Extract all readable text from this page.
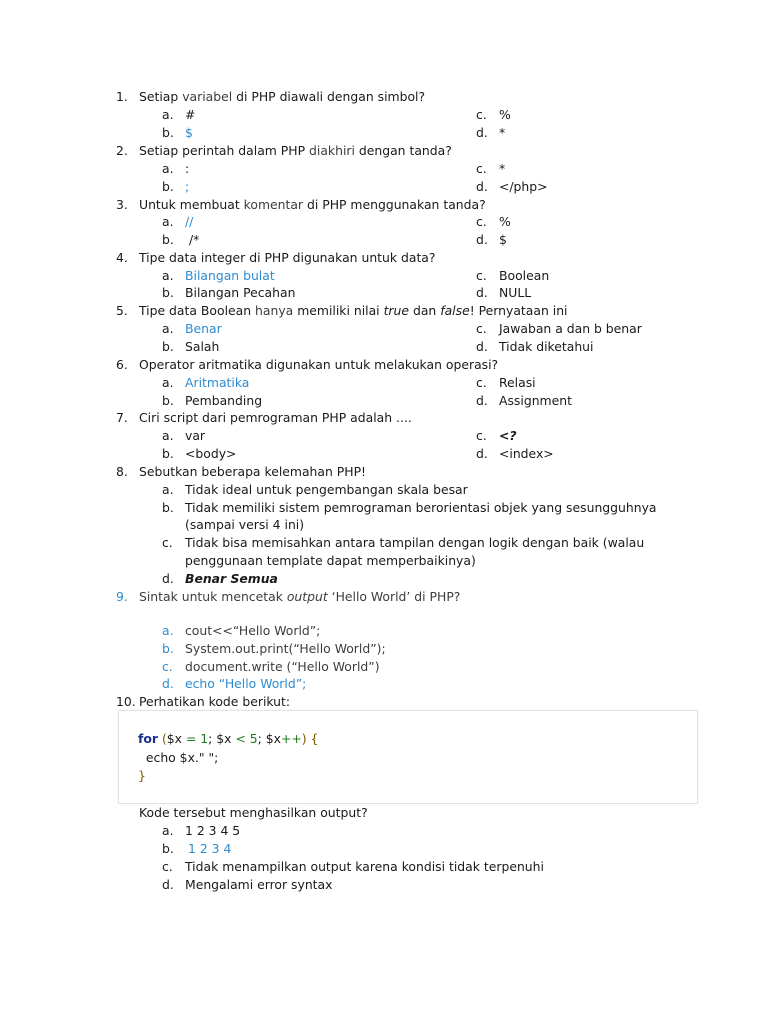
1. Setiap variabel di PHP diawali dengan simbol?
a. #	c. %
b. $	d. *
2. Setiap perintah dalam PHP diakhiri dengan tanda?
a. :	c. *
b. ;	d. </php>
3. Untuk membuat komentar di PHP menggunakan tanda?
a. //	c. %
b. /*	d. $
4. Tipe data integer di PHP digunakan untuk data?
a. Bilangan bulat	c. Boolean
b. Bilangan Pecahan	d. NULL
5. Tipe data Boolean hanya memiliki nilai true dan false! Pernyataan ini
a. Benar	c. Jawaban a dan b benar
b. Salah	d. Tidak diketahui
6. Operator aritmatika digunakan untuk melakukan operasi?
a. Aritmatika	c. Relasi
b. Pembanding	d. Assignment
7. Ciri script dari pemrograman PHP adalah ....
a. var	c. <?
b. <body>	d. <index>
8. Sebutkan beberapa kelemahan PHP!
a. Tidak ideal untuk pengembangan skala besar
b. Tidak memiliki sistem pemrograman berorientasi objek yang sesungguhnya
(sampai versi 4 ini)
c. Tidak bisa memisahkan antara tampilan dengan logik dengan baik (walau
penggunaan template dapat memperbaikinya)
d. Benar Semua
9. Sintak untuk mencetak output ‘Hello World’ di PHP?
a. cout<<“Hello World”;
b. System.out.print(“Hello World”);
c. document.write (“Hello World”)
d. echo “Hello World”;
10. Perhatikan kode berikut:
for ($x = 1; $x < 5; $x++) {
echo $x." ";
}
Kode tersebut menghasilkan output?
a. 1 2 3 4 5
b. 1 2 3 4
c. Tidak menampilkan output karena kondisi tidak terpenuhi
d. Mengalami error syntax
